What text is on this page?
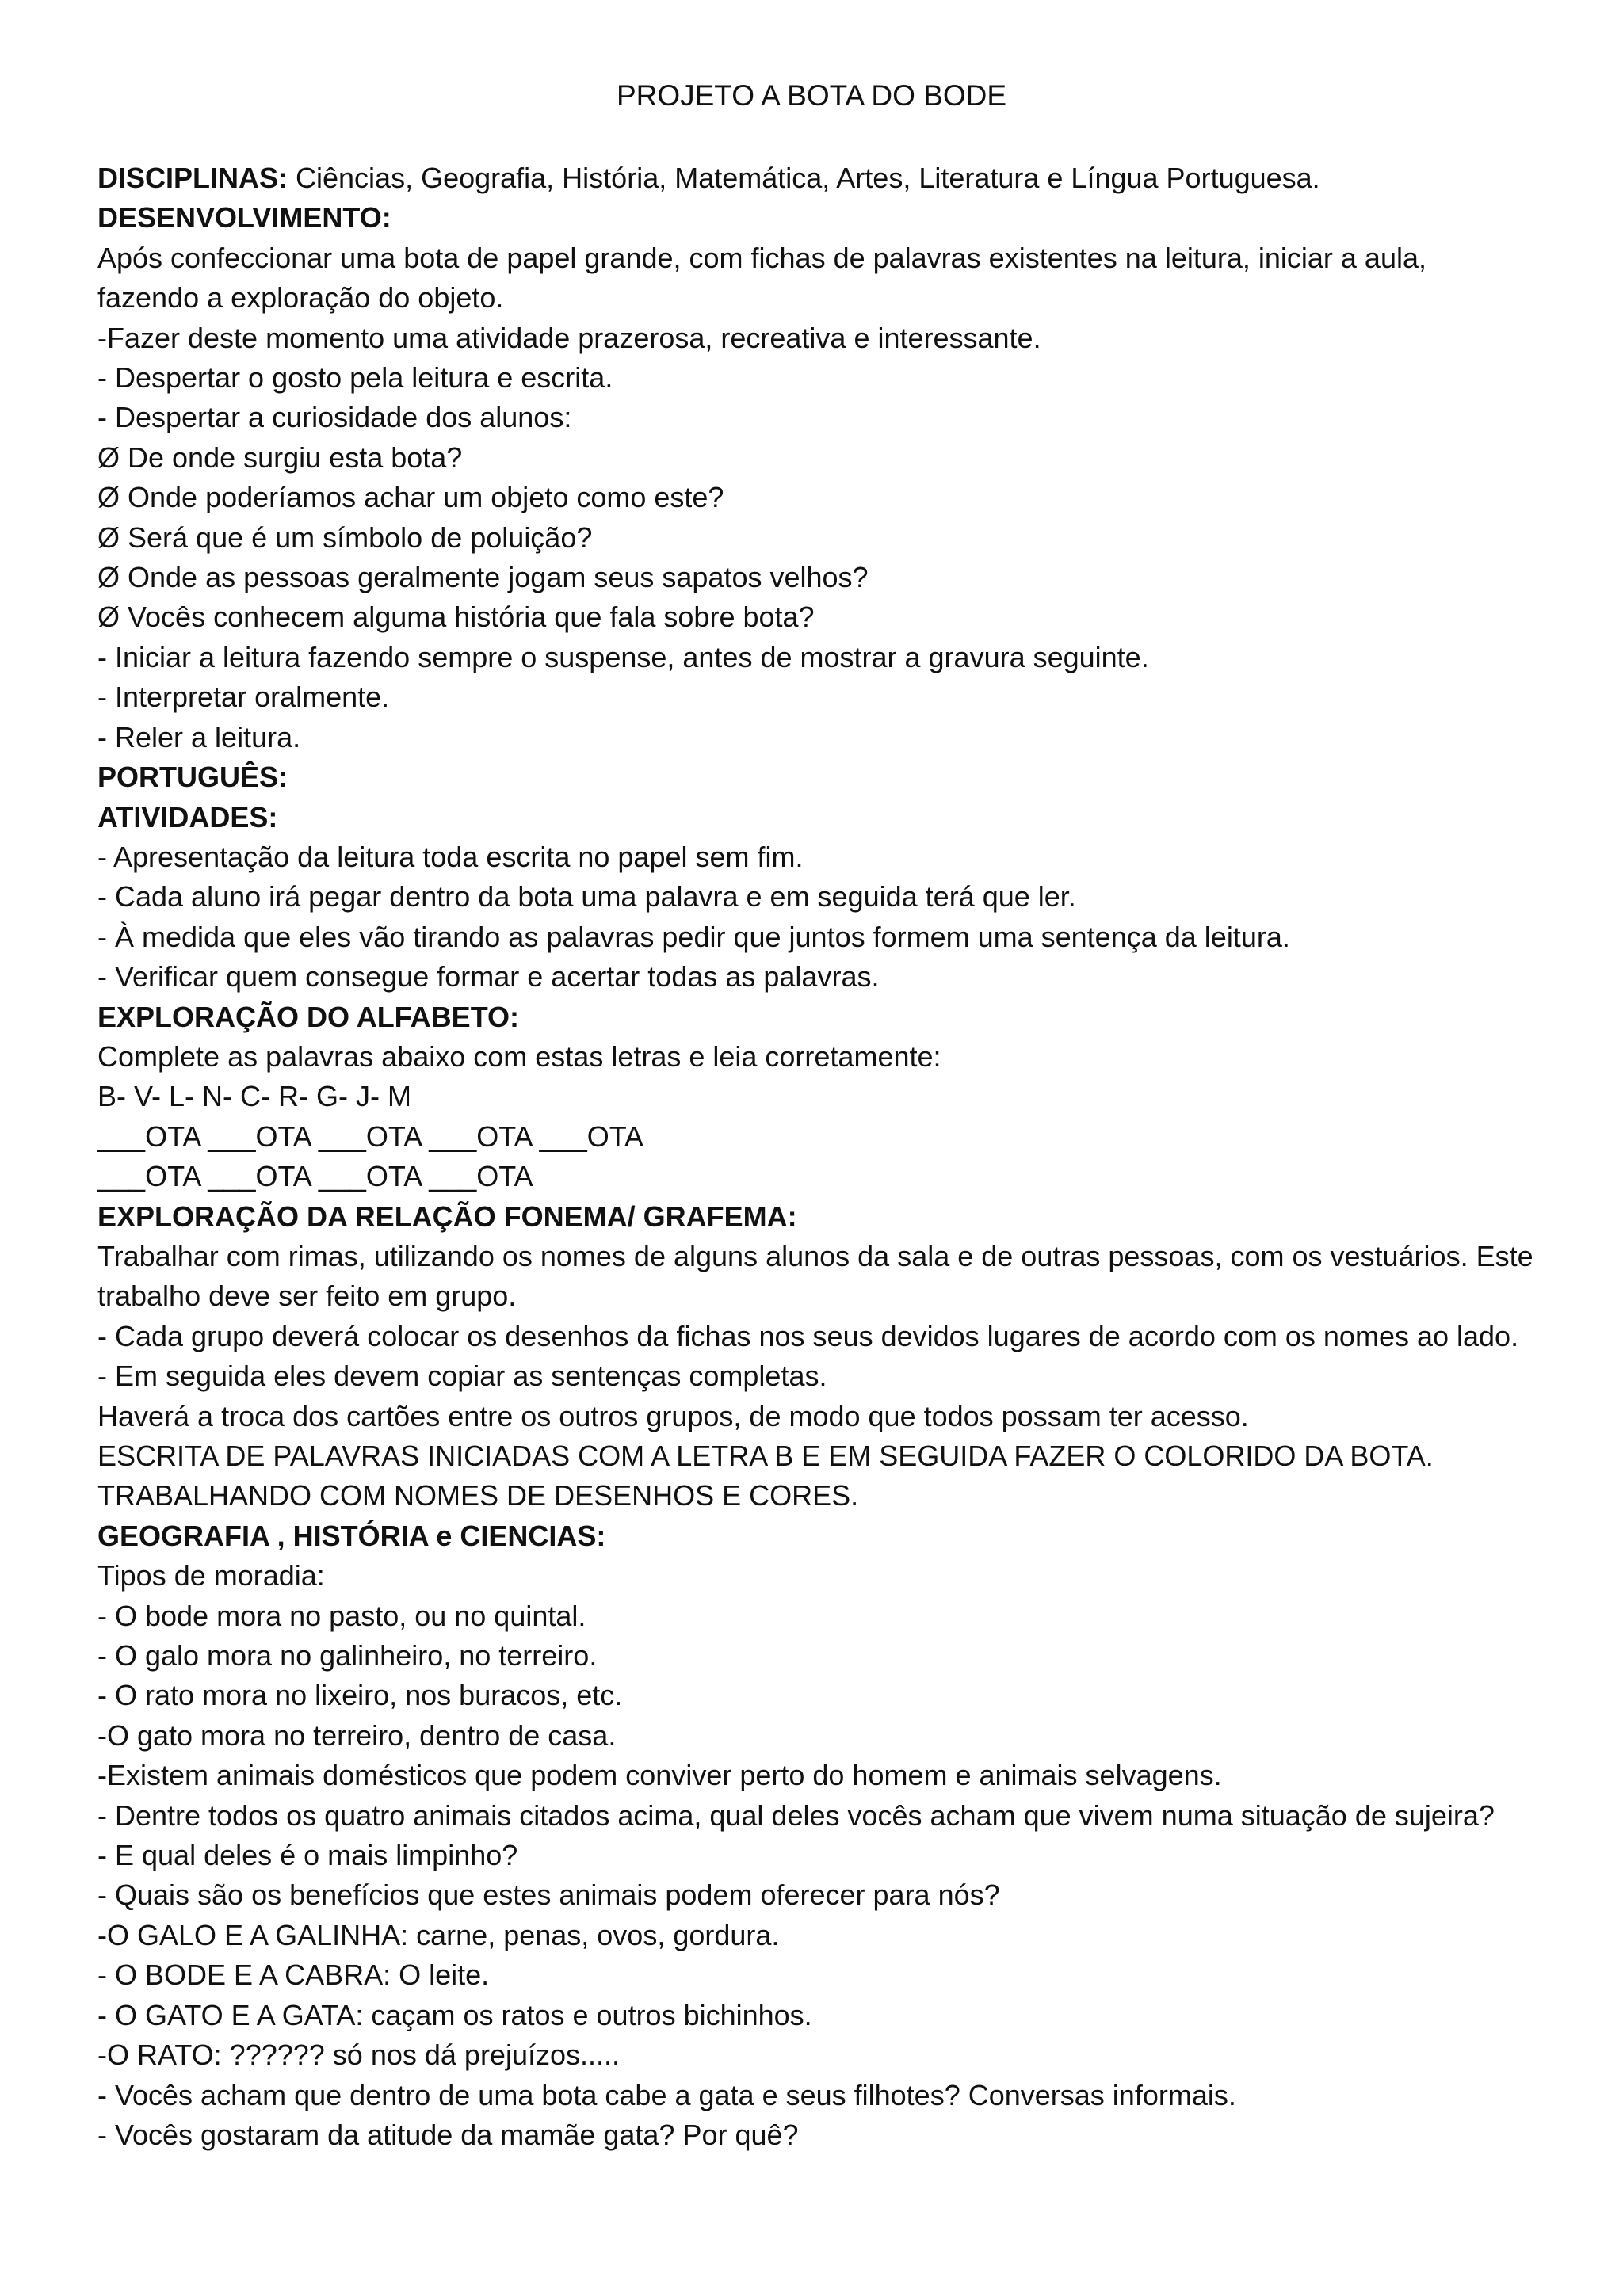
PROJETO A BOTA DO BODE
DISCIPLINAS: Ciências, Geografia, História, Matemática, Artes, Literatura e Língua Portuguesa.
DESENVOLVIMENTO:
Após confeccionar uma bota de papel grande, com fichas de palavras existentes na leitura, iniciar a aula,
fazendo a exploração do objeto.
-Fazer deste momento uma atividade prazerosa, recreativa e interessante.
- Despertar o gosto pela leitura e escrita.
- Despertar a curiosidade dos alunos:
Ø De onde surgiu esta bota?
Ø Onde poderíamos achar um objeto como este?
Ø Será que é um símbolo de poluição?
Ø Onde as pessoas geralmente jogam seus sapatos velhos?
Ø Vocês conhecem alguma história que fala sobre bota?
- Iniciar a leitura fazendo sempre o suspense, antes de mostrar a gravura seguinte.
- Interpretar oralmente.
- Reler a leitura.
PORTUGUÊS:
ATIVIDADES:
- Apresentação da leitura toda escrita no papel sem fim.
- Cada aluno irá pegar dentro da bota uma palavra e em seguida terá que ler.
- À medida que eles vão tirando as palavras pedir que juntos formem uma sentença da leitura.
- Verificar quem consegue formar e acertar todas as palavras.
EXPLORAÇÃO DO ALFABETO:
Complete as palavras abaixo com estas letras e leia corretamente:
B- V- L- N- C- R- G- J- M
___OTA ___OTA ___OTA ___OTA ___OTA
___OTA ___OTA ___OTA ___OTA
EXPLORAÇÃO DA RELAÇÃO FONEMA/ GRAFEMA:
Trabalhar com rimas, utilizando os nomes de alguns alunos da sala e de outras pessoas, com os vestuários. Este
trabalho deve ser feito em grupo.
- Cada grupo deverá colocar os desenhos da fichas nos seus devidos lugares de acordo com os nomes ao lado.
- Em seguida eles devem copiar as sentenças completas.
Haverá a troca dos cartões entre os outros grupos, de modo que todos possam ter acesso.
ESCRITA DE PALAVRAS INICIADAS COM A LETRA B E EM SEGUIDA FAZER O COLORIDO DA BOTA.
TRABALHANDO COM NOMES DE DESENHOS E CORES.
GEOGRAFIA , HISTÓRIA e CIENCIAS:
Tipos de moradia:
- O bode mora no pasto, ou no quintal.
- O galo mora no galinheiro, no terreiro.
- O rato mora no lixeiro, nos buracos, etc.
-O gato mora no terreiro, dentro de casa.
-Existem animais domésticos que podem conviver perto do homem e animais selvagens.
- Dentre todos os quatro animais citados acima, qual deles vocês acham que vivem numa situação de sujeira?
- E qual deles é o mais limpinho?
- Quais são os benefícios que estes animais podem oferecer para nós?
-O GALO E A GALINHA: carne, penas, ovos, gordura.
- O BODE E A CABRA: O leite.
- O GATO E A GATA: caçam os ratos e outros bichinhos.
-O RATO: ?????? só nos dá prejuízos.....
- Vocês acham que dentro de uma bota cabe a gata e seus filhotes? Conversas informais.
- Vocês gostaram da atitude da mamãe gata? Por quê?
